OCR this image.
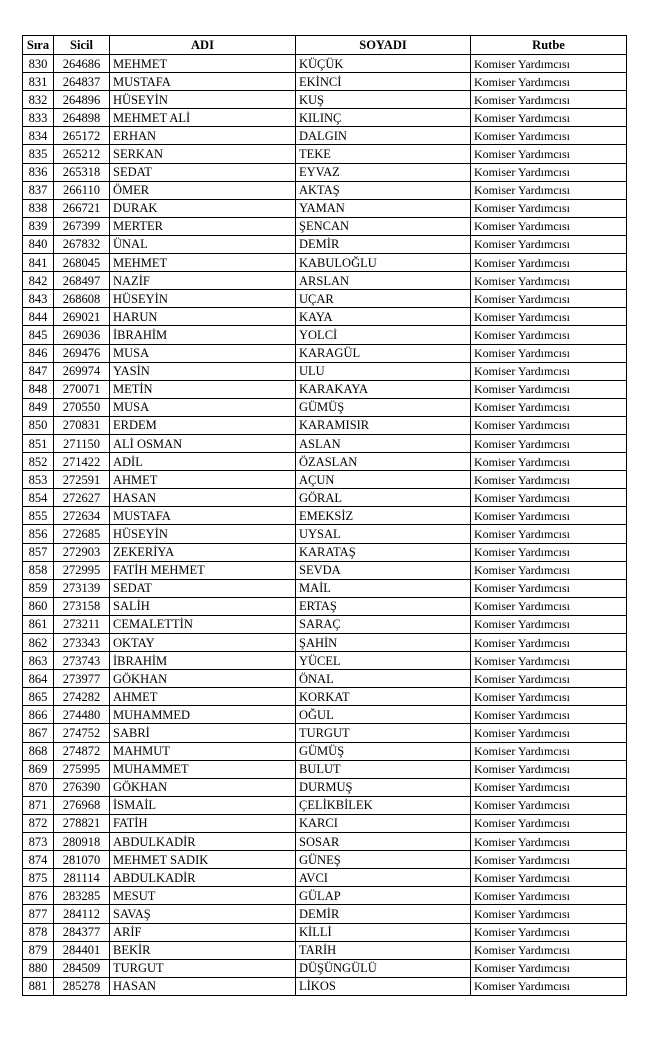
Sıra	Sicil	ADI	SOYADI	Rutbe
830	264686	MEHMET	KÜÇÜK	Komiser Yardımcısı
831	264837	MUSTAFA	EKİNCİ	Komiser Yardımcısı
832	264896	HÜSEYİN	KUŞ	Komiser Yardımcısı
833	264898	MEHMET ALİ	KILINÇ	Komiser Yardımcısı
834	265172	ERHAN	DALGIN	Komiser Yardımcısı
835	265212	SERKAN	TEKE	Komiser Yardımcısı
836	265318	SEDAT	EYVAZ	Komiser Yardımcısı
837	266110	ÖMER	AKTAŞ	Komiser Yardımcısı
838	266721	DURAK	YAMAN	Komiser Yardımcısı
839	267399	MERTER	ŞENCAN	Komiser Yardımcısı
840	267832	ÜNAL	DEMİR	Komiser Yardımcısı
841	268045	MEHMET	KABULOĞLU	Komiser Yardımcısı
842	268497	NAZİF	ARSLAN	Komiser Yardımcısı
843	268608	HÜSEYİN	UÇAR	Komiser Yardımcısı
844	269021	HARUN	KAYA	Komiser Yardımcısı
845	269036	İBRAHİM	YOLCİ	Komiser Yardımcısı
846	269476	MUSA	KARAGÜL	Komiser Yardımcısı
847	269974	YASİN	ULU	Komiser Yardımcısı
848	270071	METİN	KARAKAYA	Komiser Yardımcısı
849	270550	MUSA	GÜMÜŞ	Komiser Yardımcısı
850	270831	ERDEM	KARAMISIR	Komiser Yardımcısı
851	271150	ALİ OSMAN	ASLAN	Komiser Yardımcısı
852	271422	ADİL	ÖZASLAN	Komiser Yardımcısı
853	272591	AHMET	AÇUN	Komiser Yardımcısı
854	272627	HASAN	GÖRAL	Komiser Yardımcısı
855	272634	MUSTAFA	EMEKSİZ	Komiser Yardımcısı
856	272685	HÜSEYİN	UYSAL	Komiser Yardımcısı
857	272903	ZEKERİYA	KARATAŞ	Komiser Yardımcısı
858	272995	FATİH MEHMET	SEVDA	Komiser Yardımcısı
859	273139	SEDAT	MAİL	Komiser Yardımcısı
860	273158	SALİH	ERTAŞ	Komiser Yardımcısı
861	273211	CEMALETTİN	SARAÇ	Komiser Yardımcısı
862	273343	OKTAY	ŞAHİN	Komiser Yardımcısı
863	273743	İBRAHİM	YÜCEL	Komiser Yardımcısı
864	273977	GÖKHAN	ÖNAL	Komiser Yardımcısı
865	274282	AHMET	KORKAT	Komiser Yardımcısı
866	274480	MUHAMMED	OĞUL	Komiser Yardımcısı
867	274752	SABRİ	TURGUT	Komiser Yardımcısı
868	274872	MAHMUT	GÜMÜŞ	Komiser Yardımcısı
869	275995	MUHAMMET	BULUT	Komiser Yardımcısı
870	276390	GÖKHAN	DURMUŞ	Komiser Yardımcısı
871	276968	İSMAİL	ÇELİKBİLEK	Komiser Yardımcısı
872	278821	FATİH	KARCI	Komiser Yardımcısı
873	280918	ABDULKADİR	SOSAR	Komiser Yardımcısı
874	281070	MEHMET SADIK	GÜNEŞ	Komiser Yardımcısı
875	281114	ABDULKADİR	AVCI	Komiser Yardımcısı
876	283285	MESUT	GÜLAP	Komiser Yardımcısı
877	284112	SAVAŞ	DEMİR	Komiser Yardımcısı
878	284377	ARİF	KİLLİ	Komiser Yardımcısı
879	284401	BEKİR	TARİH	Komiser Yardımcısı
880	284509	TURGUT	DÜŞÜNGÜLÜ	Komiser Yardımcısı
881	285278	HASAN	LİKOS	Komiser Yardımcısı
